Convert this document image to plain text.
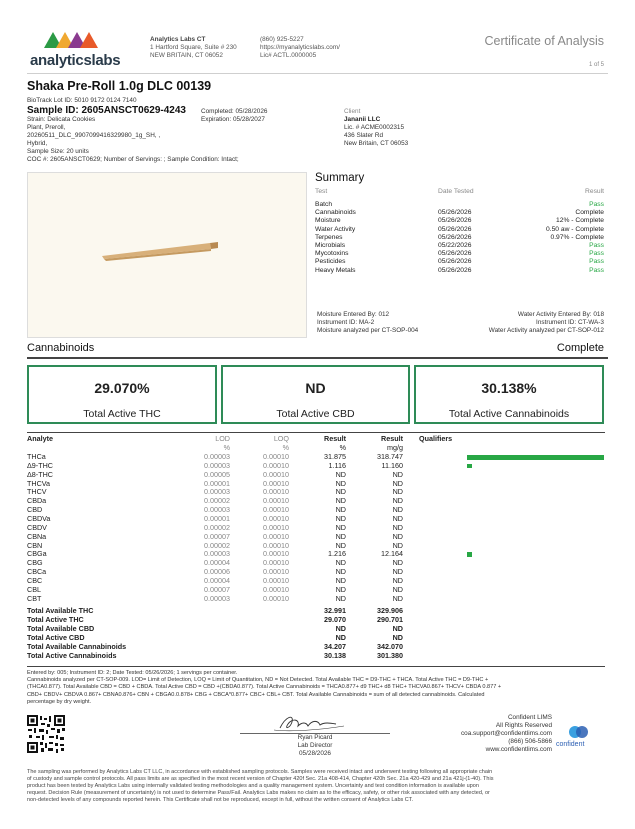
analyticslabs
Analytics Labs CT
1 Hartford Square, Suite # 230
NEW BRITAIN, CT 06052
(860) 925-5227
https://myanalyticslabs.com/
Lic# ACTL.0000005
Certificate of Analysis
1 of 5
Shaka Pre-Roll 1.0g DLC 00139
BioTrack Lot ID: 5010 9172 0124 7140
Sample ID: 2605ANSCT0629-4243
Strain: Delicata Cookies
Plant, Preroll,
20260511_DLC_9907099416329980_1g_SH, ,
Hybrid,
Sample Size: 20 units
COC #: 2605ANSCT0629; Number of Servings: ; Sample Condition: Intact;
Completed: 05/28/2026
Expiration: 05/28/2027
Client
Jananii LLC
Lic. # ACME0002315
436 Slater Rd
New Britain, CT 06053
Summary
Test	Date Tested	Result

Batch		Pass
Cannabinoids	05/26/2026	Complete
Moisture	05/26/2026	12% - Complete
Water Activity	05/26/2026	0.50 aw - Complete
Terpenes	05/26/2026	0.97% - Complete
Microbials	05/22/2026	Pass
Mycotoxins	05/26/2026	Pass
Pesticides	05/26/2026	Pass
Heavy Metals	05/26/2026	Pass
Moisture Entered By: 012
Instrument ID: MA-2
Moisture analyzed per CT-SOP-004
Water Activity Entered By: 018
Instrument ID: CT-WA-3
Water Activity analyzed per CT-SOP-012
Cannabinoids	Complete
29.070%
Total Active THC
ND
Total Active CBD
30.138%
Total Active Cannabinoids
Analyte	LOD	LOQ	Result	Result Qualifiers
%	%	%	mg/g
THCa	0.00003	0.00010	31.875	318.747
Δ9-THC	0.00003	0.00010	1.116	11.160
Δ8-THC	0.00005	0.00010	ND	ND
THCVa	0.00001	0.00010	ND	ND
THCV	0.00003	0.00010	ND	ND
CBDa	0.00002	0.00010	ND	ND
CBD	0.00003	0.00010	ND	ND
CBDVa	0.00001	0.00010	ND	ND
CBDV	0.00002	0.00010	ND	ND
CBNa	0.00007	0.00010	ND	ND
CBN	0.00002	0.00010	ND	ND
CBGa	0.00003	0.00010	1.216	12.164
CBG	0.00004	0.00010	ND	ND
CBCa	0.00006	0.00010	ND	ND
CBC	0.00004	0.00010	ND	ND
CBL	0.00007	0.00010	ND	ND
CBT	0.00003	0.00010	ND	ND
Total Available THC	32.991	329.906
Total Active THC	29.070	290.701
Total Available CBD	ND	ND
Total Active CBD	ND	ND
Total Available Cannabinoids	34.207	342.070
Total Active Cannabinoids	30.138	301.380
Entered by: 005; Instrument ID: 2; Date Tested: 05/26/2026; 1 servings per container.
Cannabinoids analyzed per CT-SOP-009. LOD= Limit of Detection, LOQ = Limit of Quantitation, ND = Not Detected. Total Available THC = D9-THC + THCA. Total Active THC = D9-THC +
(THCA0.877). Total Available CBD = CBD + CBDA. Total Active CBD = CBD +(CBDA0.877). Total Active Cannabinoids = THCA0.877+ d9 THC+ d8 THC+ THCVA0.867+ THCV+ CBDA 0.877 +
CBD+ CBDV+ CBDVA 0.867+ CBNA0.876+ CBN + CBGA0.0.878+ CBG + CBCA*0.877+ CBC+ CBL+ CBT. Total Available Cannabinoids = sum of all detected cannabinoids. Calculated
percentage by dry weight.
Ryan Picard
Lab Director
05/28/2026
Confident LIMS
All Rights Reserved
coa.support@confidentlims.com
(866) 506-5866
www.confidentlims.com
confident
The sampling was performed by Analytics Labs CT LLC, in accordance with established sampling protocols. Samples were received intact and underwent testing following all appropriate chain
of custody and sample control protocols. All pass limits are as specified in the most recent version of Chapter 420f Sec. 21a 408-414, Chapter 420h Sec. 21a 420-429 and 21a 421j-(1-40). This
product has been tested by Analytics Labs using internally validated testing methodologies and a quality management system. Uncertainty and test condition information is available upon
request. Decision Rule (measurement of uncertainty) is not used to determine Pass/Fail. Analytics Labs makes no claim as to the efficacy, safety, or other risk associated with any detected, or
non-detected levels of any compounds reported herein. This Certificate shall not be reproduced, except in full, without the written consent of Analytics Labs CT.
